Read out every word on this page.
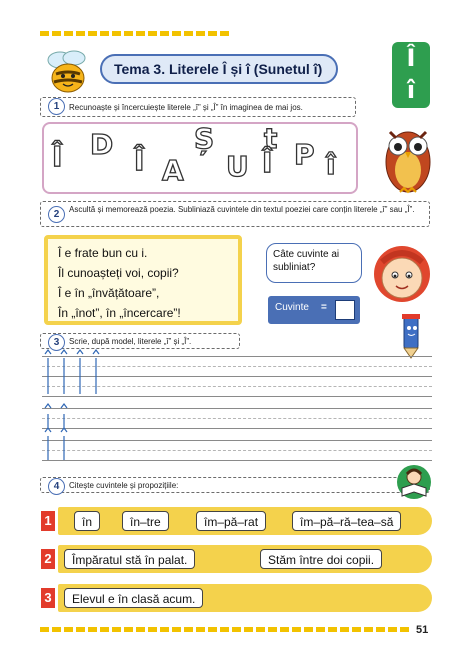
Tema 3. Literele Î și î (Sunetul î)	Î
î
Recunoaște și încercuiește literele „î” și „Î” în imaginea de mai jos.
1
Î D Î A
Ș
U
t
Î P î
Ascultă și memorează poezia. Subliniază cuvintele din textul poeziei care conțin literele „î” sau „Î”.
2
Î e frate bun cu i.
Îl cunoașteți voi, copii?
Î e în „învățătoare”,
În „înot”, în „încercare”!
Câte cuvinte ai subliniat?
Cuvinte =
Scrie, după model, literele „î” și „Î”.
3
Citește cuvintele și propozițiile:
4
1	în	în–tre	îm–pă–rat	îm–pă–ră–tea–să
2	Împăratul stă în palat.	Stăm între doi copii.
3	Elevul e în clasă acum.
51
